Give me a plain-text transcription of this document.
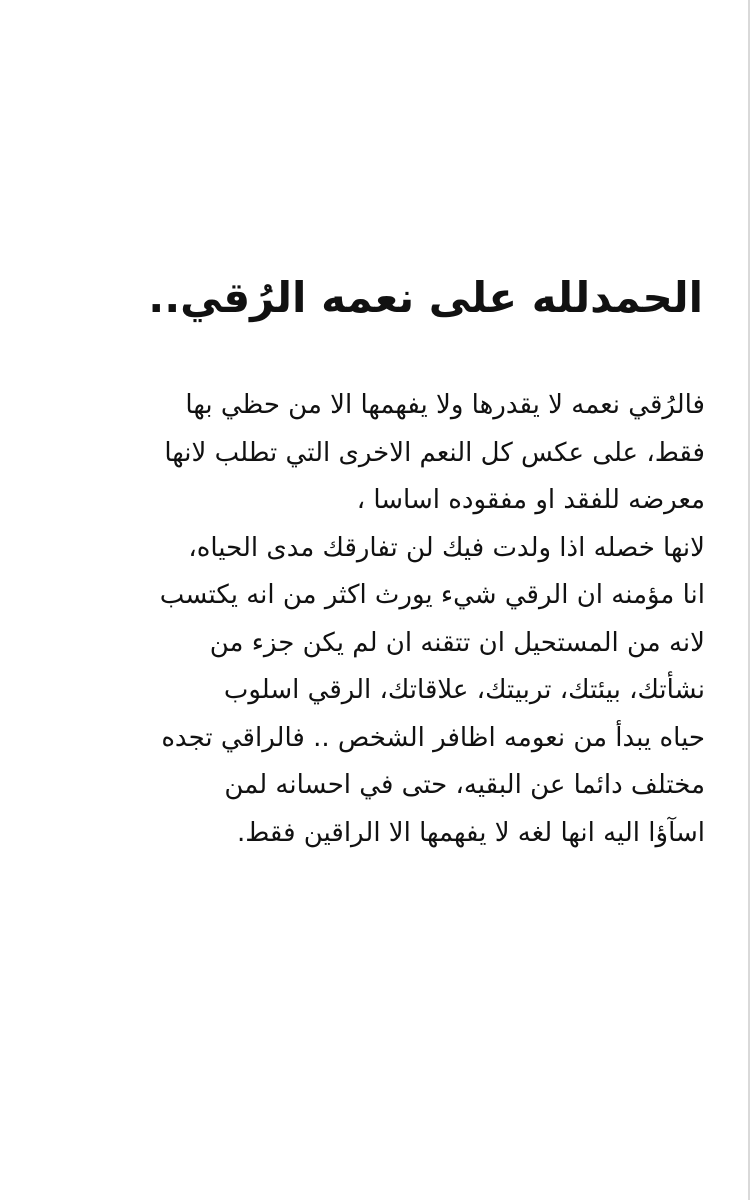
الحمدلله على نعمه الرُقي..
فالرُقي نعمه لا يقدرها ولا يفهمها الا من حظي بها
فقط، على عكس كل النعم الاخرى التي تطلب لانها
معرضه للفقد او مفقوده اساسا ،
لانها خصله اذا ولدت فيك لن تفارقك مدى الحياه،
انا مؤمنه ان الرقي شيء يورث اكثر من انه يكتسب
لانه من المستحيل ان تتقنه ان لم يكن جزء من
نشأتك، بيئتك، تربيتك، علاقاتك، الرقي اسلوب
حياه يبدأ من نعومه اظافر الشخص .. فالراقي تجده
مختلف دائما عن البقيه، حتى في احسانه لمن
اسآؤا اليه انها لغه لا يفهمها الا الراقين فقط.
